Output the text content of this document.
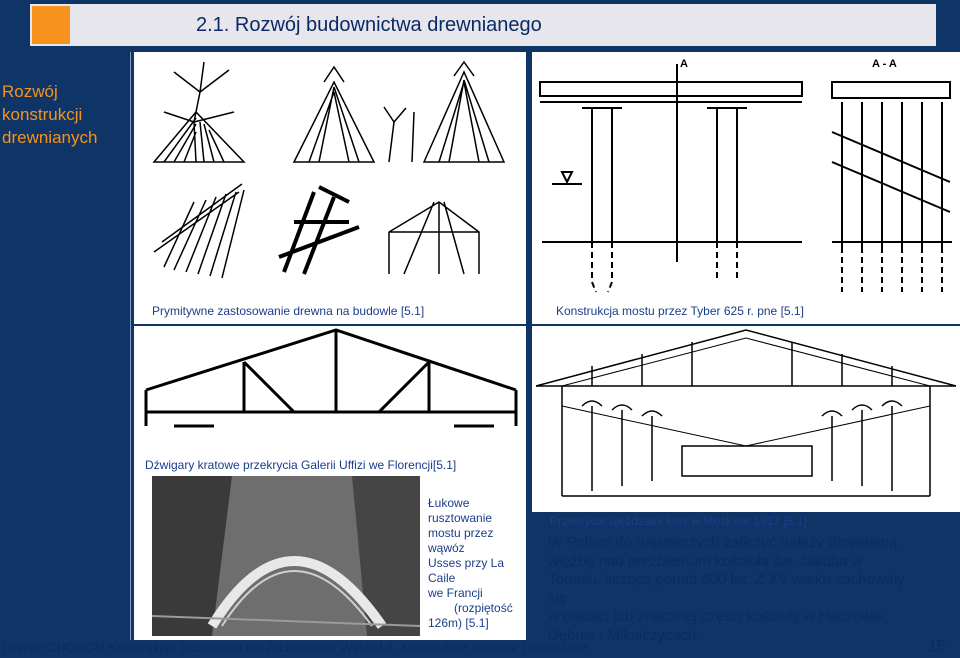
2.1. Rozwój budownictwa drewnianego
Rozwój konstrukcji drewnianych
A	A - A
Prymitywne zastosowanie drewna na budowle [5.1]	Konstrukcja mostu przez Tyber 625 r. pne [5.1]
Dźwigary kratowe przekrycia Galerii Uffizi we Florencji[5.1]
Przekrycie ujeżdżalni koni w Moskwie 1817 [5.1]
Łukowe rusztowanie
mostu przez wąwóz
Usses przy La Caile
we Francji
(rozpiętość
126m) [5.1]
W Polsce do najstarszych zaliczyć należy drewnianą
więźbę nad prezbiterium kościoła św. Jakuba w
Toruniu, liczącą ponad 600 lat. Z XV wieku zachowały
się
w całości lub znacznej części kościoły w Haczowie,
Dębnie i Mikulczycach.
Leszek CHODOR Konstrukcje budowlane dla Architektów, Wykład 6. Konstrukcje murowe i drewniane	15
